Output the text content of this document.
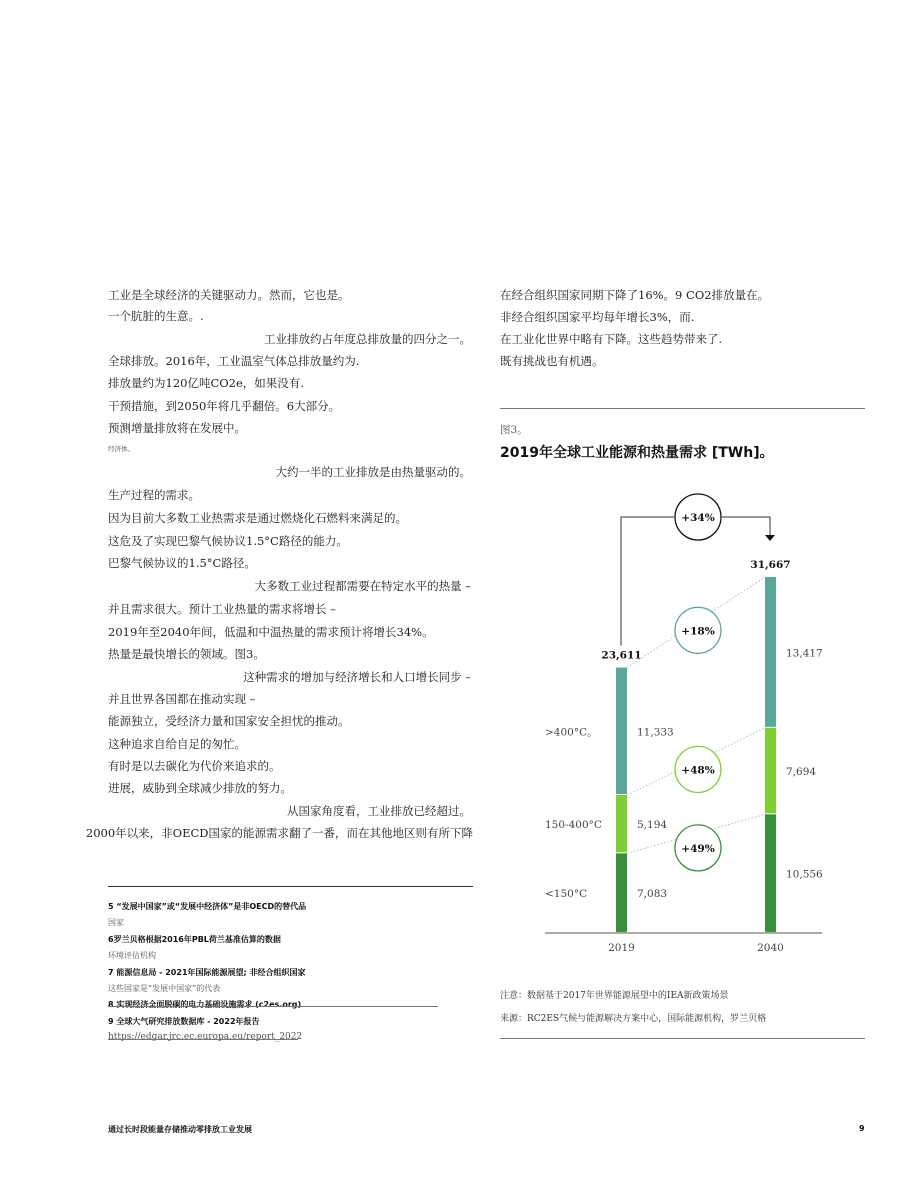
工业是全球经济的关键驱动力。然而，它也是。
一个肮脏的生意。.
工业排放约占年度总排放量的四分之一。
全球排放。2016年，工业温室气体总排放量约为.
排放量约为120亿吨CO2e，如果没有.
干预措施，到2050年将几乎翻倍。6大部分。
预测增量排放将在发展中。
经济体。
大约一半的工业排放是由热量驱动的。
生产过程的需求。
因为目前大多数工业热需求是通过燃烧化石燃料来满足的。
这危及了实现巴黎气候协议1.5°C路径的能力。
巴黎气候协议的1.5°C路径。
大多数工业过程都需要在特定水平的热量 –
并且需求很大。预计工业热量的需求将增长 –
2019年至2040年间，低温和中温热量的需求预计将增长34%。
热量是最快增长的领域。图3。
这种需求的增加与经济增长和人口增长同步 –
并且世界各国都在推动实现 –
能源独立，受经济力量和国家安全担忧的推动。
这种追求自给自足的匆忙。
有时是以去碳化为代价来追求的。
进展，威胁到全球减少排放的努力。
从国家角度看，工业排放已经超过。
2000年以来，非OECD国家的能源需求翻了一番，而在其他地区则有所下降
5 “发展中国家”或“发展中经济体”是非OECD的替代品
国家
6罗兰贝格根据2016年PBL荷兰基准估算的数据
环境评估机构
7 能源信息局 - 2021年国际能源展望; 非经合组织国家
这些国家是“发展中国家”的代表
8 实现经济全面脱碳的电力基础设施需求 (c2es.org)
9 全球大气研究排放数据库 - 2022年报告
https://edgar.jrc.ec.europa.eu/report_2022
在经合组织国家同期下降了16%。9 CO2排放量在。
非经合组织国家平均每年增长3%，而.
在工业化世界中略有下降。这些趋势带来了.
既有挑战也有机遇。
图3。
2019年全球工业能源和热量需求 [TWh]。
7,083
5,194
11,333
23,611
2019
10,556
7,694
13,417
31,667
2040
<150°C
150-400°C
>400°C。
+49%
+48%
+18%
+34%
注意：数据基于2017年世界能源展望中的IEA新政策场景
来源：RC2ES气候与能源解决方案中心，国际能源机构，罗兰贝格
通过长时段能量存储推动零排放工业发展	9
